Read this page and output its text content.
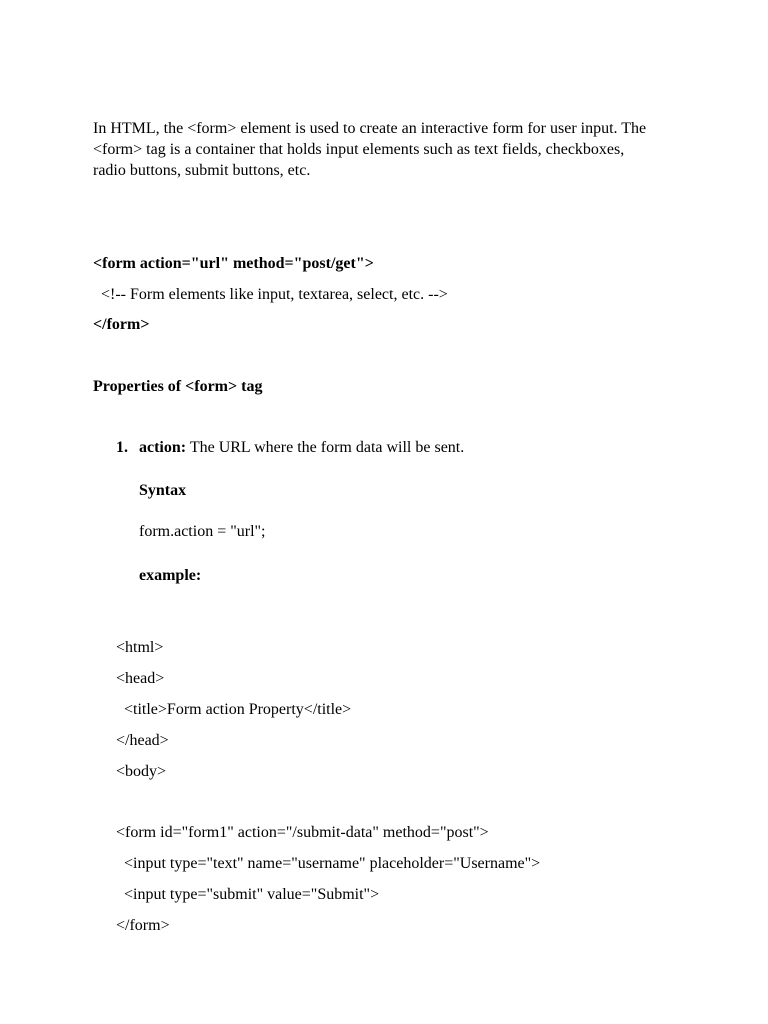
In HTML, the <form> element is used to create an interactive form for user input. The <form> tag is a container that holds input elements such as text fields, checkboxes, radio buttons, submit buttons, etc.
<form action="url" method="post/get">
<!-- Form elements like input, textarea, select, etc. -->
</form>
Properties of <form> tag
1. action: The URL where the form data will be sent.
Syntax
form.action = "url";
example:
<html>
<head>
<title>Form action Property</title>
</head>
<body>
<form id="form1" action="/submit-data" method="post">
<input type="text" name="username" placeholder="Username">
<input type="submit" value="Submit">
</form>
